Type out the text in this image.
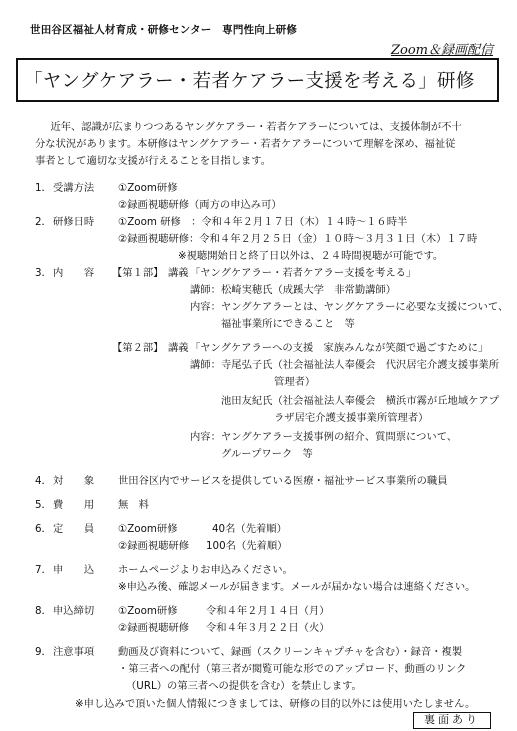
世田谷区福祉人材育成・研修センター　専門性向上研修
Zoom＆録画配信
「ヤングケアラー・若者ケアラー支援を考える」研修

近年、認識が広まりつつあるヤングケアラー・若者ケアラーについては、支援体制が不十

分な状況があります。本研修はヤングケアラー・若者ケアラーについて理解を深め、福祉従

事者として適切な支援が行えることを目指します。

1． 受講方法 ①Zoom研修
②録画視聴研修（両方の申込み可）
2． 研修日時 ①Zoom 研修　：令和４年２月１７日（木）１４時～１６時半
②録画視聴研修：令和４年２月２５日（金）１０時～３月３１日（木）１７時
※視聴開始日と終了日以外は、２４時間視聴が可能です。
3． 内　　容 【第１部】 講義 「ヤングケアラー・若者ケアラー支援を考える」
講師： 松崎実穂氏（成蹊大学　非常勤講師）
内容： ヤングケアラーとは、ヤングケアラーに必要な支援について、
福祉事業所にできること　等
【第２部】 講義 「ヤングケアラーへの支援　家族みんなが笑顔で過ごすために」
講師： 寺尾弘子氏（社会福祉法人奉優会　代沢居宅介護支援事業所
管理者）
池田友紀氏（社会福祉法人奉優会　横浜市霧が丘地域ケアプ
ラザ居宅介護支援事業所管理者）
内容： ヤングケアラー支援事例の紹介、質問票について、
グループワーク　等
4． 対　　象 世田谷区内でサービスを提供している医療・福祉サービス事業所の職員
5． 費　　用 無　料
6． 定　　員 ①Zoom研修	40名（先着順）
②録画視聴研修 100名（先着順）
7． 申　　込 ホームページよりお申込みください。
※申込み後、確認メールが届きます。メールが届かない場合は連絡ください。
8． 申込締切 ①Zoom研修	令和４年２月１４日（月）
②録画視聴研修 令和４年３月２２日（火）
9． 注意事項 動画及び資料について、録画（スクリーンキャプチャを含む）・録音・複製
・第三者への配付（第三者が閲覧可能な形でのアップロード、動画のリンク
（URL）の第三者への提供を含む）を禁止します。
※申し込みで頂いた個人情報につきましては、研修の目的以外には使用いたしません。
裏面あり
